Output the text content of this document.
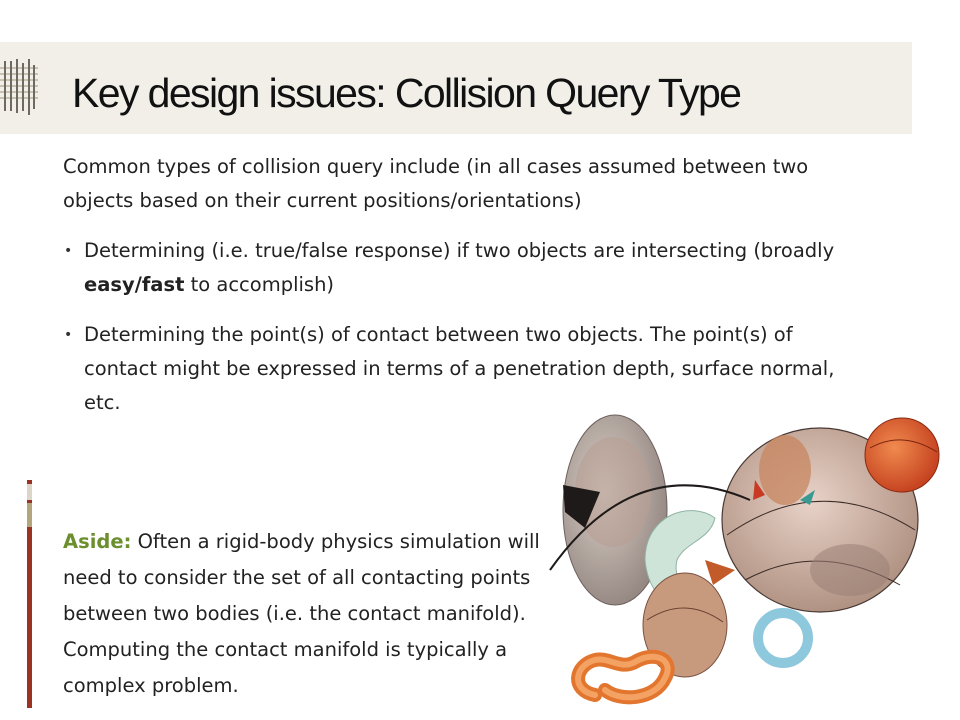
Key design issues: Collision Query Type

Common types of collision query include (in all cases assumed between two objects based on their current positions/orientations)

• Determining (i.e. true/false response) if two objects are intersecting (broadly easy/fast to accomplish)
• Determining the point(s) of contact between two objects. The point(s) of contact might be expressed in terms of a penetration depth, surface normal, etc.
Aside: Often a rigid-body physics simulation will need to consider the set of all contacting points between two bodies (i.e. the contact manifold). Computing the contact manifold is typically a complex problem.
